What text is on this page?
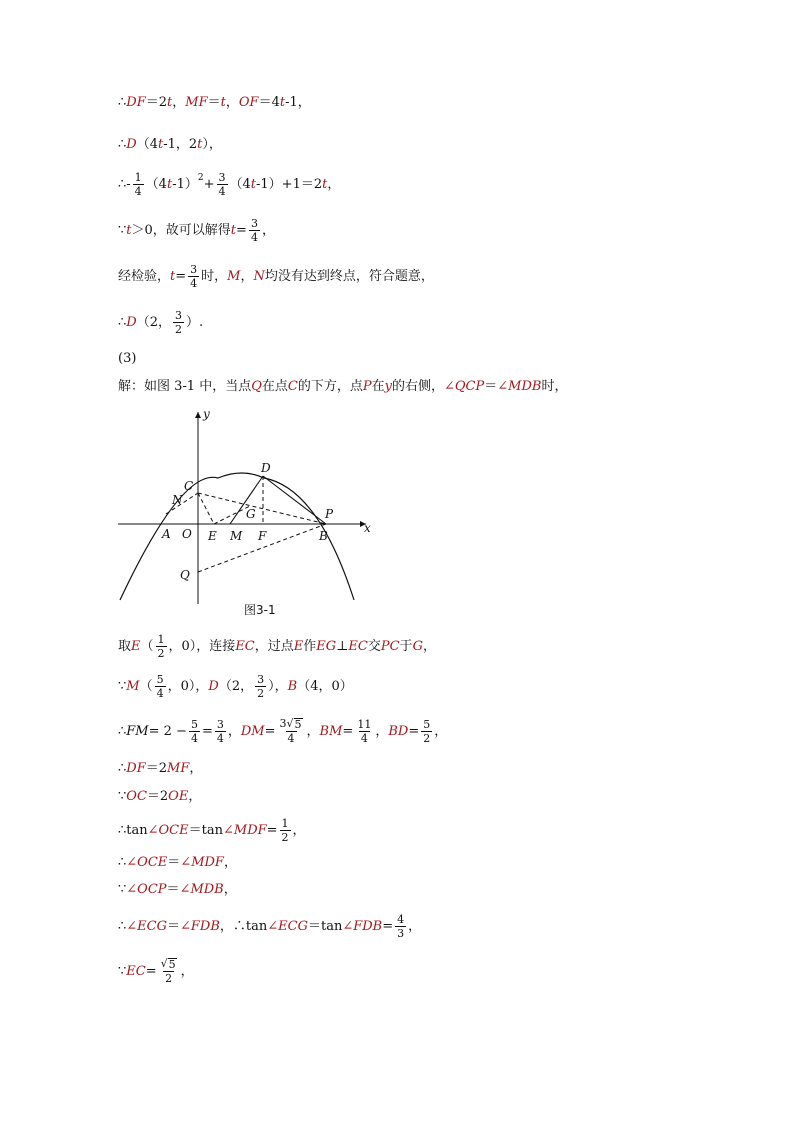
∴ DF ＝2 t ， MF ＝ t ， OF ＝4 t -1，
∴ D （4 t -1，2 t ），
∴- $\frac{1}{4} (4$ t -1） $2 + \frac{3}{4} (4$ t -1）+1＝2 t ，
∵ t ＞0，故可以解得 $t = \frac{3}{4}$ ，
经检验， $t = \frac{3}{4}$ 时， M ， N 均没有达到终点，符合题意，
∴ D （2， $\frac{3}{2}$ ）.
(3)
解：如图 3-1 中，当点 Q 在点 C 的下方，点 P 在 y 的右侧， ∠QCP ＝ ∠MDB 时，
y
x
N
C
D
G	P
A O E M F	B
Q
图3-1
取 E （ $\frac{1}{2}$ ，0），连接 EC ，过点 E 作 EG ⊥ EC 交 PC 于 G ，
∵ M （ $\frac{5}{4}$ ，0）， D （2， $\frac{3}{2}$ ）， B （4，0）
∴ FM = $2 - \frac{5}{4} = \frac{3}{4}$ ， DM = $\frac{3√ 5}{4}$ ， BM = $\frac{11}{4}$ ， BD = $\frac{5}{2}$ ，
∴ DF ＝2 MF ，
∵ OC ＝2 OE ，
∴tan ∠OCE ＝tan ∠MDF = $\frac{1}{2}$ ，
∴ ∠OCE ＝ ∠MDF ，
∵ ∠OCP ＝ ∠MDB ，
∴ ∠ECG ＝ ∠FDB ，∴tan ∠ECG ＝tan ∠FDB = $\frac{4}{3}$ ，
∵ EC = $\frac{√ 5}{2}$ ，
